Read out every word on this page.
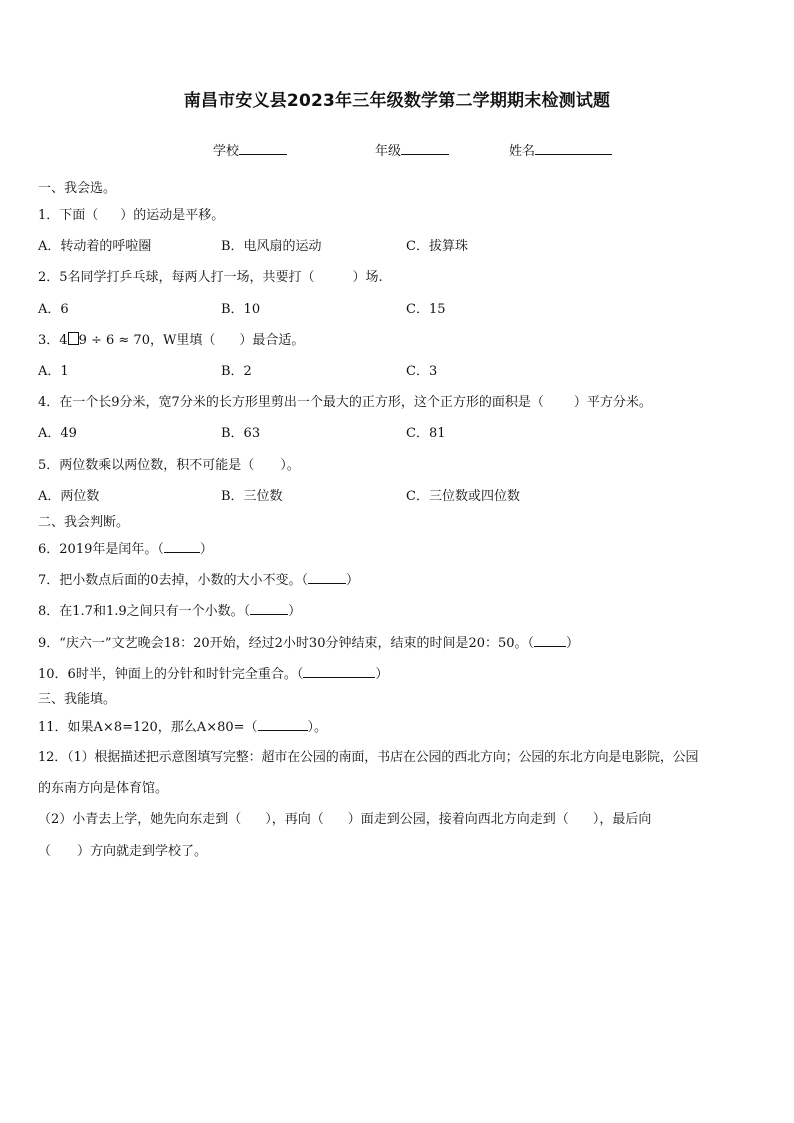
南昌市安义县2023年三年级数学第二学期期末检测试题
学校	年级	姓名
一、我会选。
1．下面（ ）的运动是平移。
A．转动着的呼啦圈	B．电风扇的运动	C．拔算珠
2．5名同学打乒乓球，每两人打一场，共要打（	）场.
A．6	B．10	C．15
3．4 9 ÷ 6 ≈ 70，W里填（ ）最合适。
A．1	B．2	C．3
4．在一个长9分米，宽7分米的长方形里剪出一个最大的正方形，这个正方形的面积是（ ）平方分米。
A．49	B．63	C．81
5．两位数乘以两位数，积不可能是（ ）。
A．两位数	B．三位数	C．三位数或四位数
二、我会判断。
6．2019年是闰年。（	）
7．把小数点后面的0去掉，小数的大小不变。（	）
8．在1.7和1.9之间只有一个小数。（	）
9．“庆六一”文艺晚会18：20开始，经过2小时30分钟结束，结束的时间是20：50。（ ）
10．6时半，钟面上的分针和时针完全重合。（	）
三、我能填。
11．如果A×8=120，那么A×80=（	）。
12．（1）根据描述把示意图填写完整：超市在公园的南面，书店在公园的西北方向；公园的东北方向是电影院，公园
的东南方向是体育馆。
（2）小青去上学，她先向东走到（ ），再向（ ）面走到公园，接着向西北方向走到（ ），最后向
（ ）方向就走到学校了。
